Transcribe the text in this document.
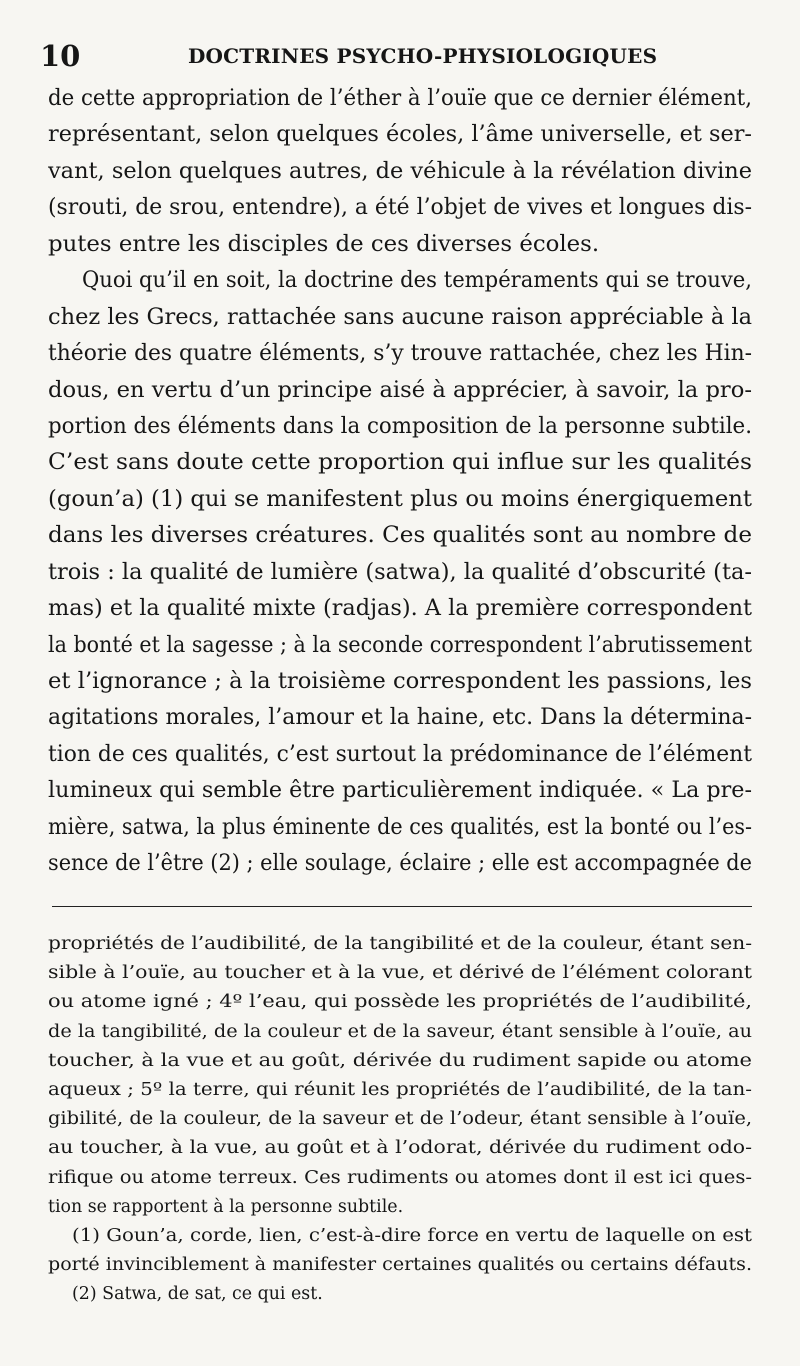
10	DOCTRINES PSYCHO-PHYSIOLOGIQUES
de cette appropriation de l’éther à l’ouïe que ce dernier élément,
représentant, selon quelques écoles, l’âme universelle, et ser-
vant, selon quelques autres, de véhicule à la révélation divine
(srouti, de srou, entendre), a été l’objet de vives et longues dis-
putes entre les disciples de ces diverses écoles.
Quoi qu’il en soit, la doctrine des tempéraments qui se trouve,
chez les Grecs, rattachée sans aucune raison appréciable à la
théorie des quatre éléments, s’y trouve rattachée, chez les Hin-
dous, en vertu d’un principe aisé à apprécier, à savoir, la pro-
portion des éléments dans la composition de la personne subtile.
C’est sans doute cette proportion qui influe sur les qualités
(goun’a) (1) qui se manifestent plus ou moins énergiquement
dans les diverses créatures. Ces qualités sont au nombre de
trois : la qualité de lumière (satwa), la qualité d’obscurité (ta-
mas) et la qualité mixte (radjas). A la première correspondent
la bonté et la sagesse ; à la seconde correspondent l’abrutissement
et l’ignorance ; à la troisième correspondent les passions, les
agitations morales, l’amour et la haine, etc. Dans la détermina-
tion de ces qualités, c’est surtout la prédominance de l’élément
lumineux qui semble être particulièrement indiquée. « La pre-
mière, satwa, la plus éminente de ces qualités, est la bonté ou l’es-
sence de l’être (2) ; elle soulage, éclaire ; elle est accompagnée de
propriétés de l’audibilité, de la tangibilité et de la couleur, étant sen-
sible à l’ouïe, au toucher et à la vue, et dérivé de l’élément colorant
ou atome igné ; 4º l’eau, qui possède les propriétés de l’audibilité,
de la tangibilité, de la couleur et de la saveur, étant sensible à l’ouïe, au
toucher, à la vue et au goût, dérivée du rudiment sapide ou atome
aqueux ; 5º la terre, qui réunit les propriétés de l’audibilité, de la tan-
gibilité, de la couleur, de la saveur et de l’odeur, étant sensible à l’ouïe,
au toucher, à la vue, au goût et à l’odorat, dérivée du rudiment odo-
rifique ou atome terreux. Ces rudiments ou atomes dont il est ici ques-
tion se rapportent à la personne subtile.
(1) Goun’a, corde, lien, c’est-à-dire force en vertu de laquelle on est
porté invinciblement à manifester certaines qualités ou certains défauts.
(2) Satwa, de sat, ce qui est.
